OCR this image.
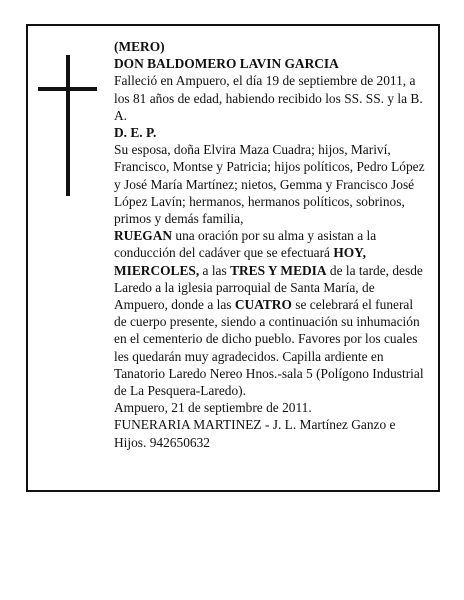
(MERO)

DON BALDOMERO LAVIN GARCIA

Falleció en Ampuero, el día 19 de septiembre de 2011, a los 81 años de edad, habiendo recibido los SS. SS. y la B. A.

D. E. P.

Su esposa, doña Elvira Maza Cuadra; hijos, Mariví, Francisco, Montse y Patricia; hijos políticos, Pedro López y José María Martínez; nietos, Gemma y Francisco José López Lavín; hermanos, hermanos políticos, sobrinos, primos y demás familia,

RUEGAN una oración por su alma y asistan a la conducción del cadáver que se efectuará HOY, MIERCOLES, a las TRES Y MEDIA de la tarde, desde Laredo a la iglesia parroquial de Santa María, de Ampuero, donde a las CUATRO se celebrará el funeral de cuerpo presente, siendo a continuación su inhumación en el cementerio de dicho pueblo. Favores por los cuales les quedarán muy agradecidos. Capilla ardiente en Tanatorio Laredo Nereo Hnos.-sala 5 (Polígono Industrial de La Pesquera-Laredo).

Ampuero, 21 de septiembre de 2011.

FUNERARIA MARTINEZ - J. L. Martínez Ganzo e Hijos. 942650632
